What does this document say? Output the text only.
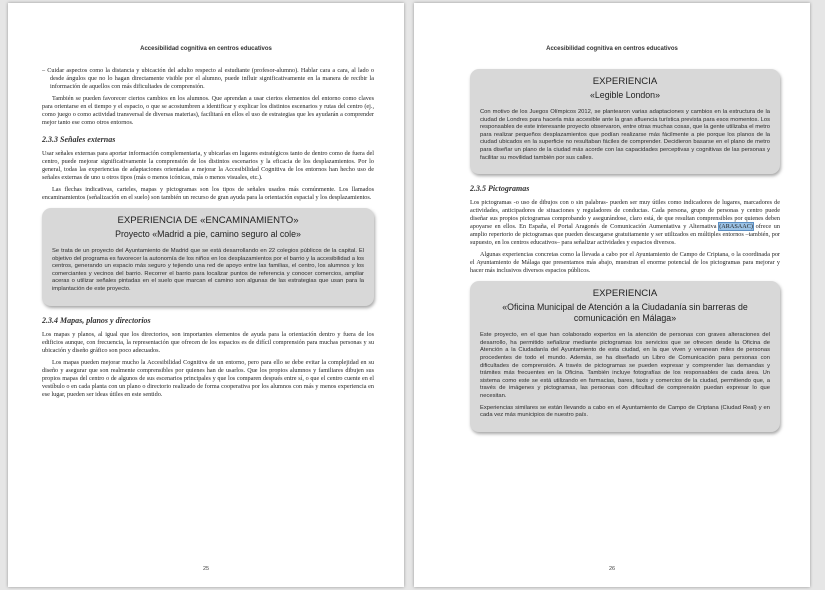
Accesibilidad cognitiva en centros educativos

– Cuidar aspectos como la distancia y ubicación del adulto respecto al estudiante (profesor-alumno). Hablar cara a cara, al lado o desde ángulos que no lo hagan directamente visible por el alumno, puede influir significativamente en la manera de recibir la información de aquellos con más dificultades de comprensión.

También se pueden favorecer ciertos cambios en los alumnos. Que aprendan a usar ciertos elementos del entorno como claves para orientarse en el tiempo y el espacio, o que se acostumbren a identificar y explicar los distintos escenarios y rutas del centro (ej., como juego o como actividad transversal de diversas materias), facilitará en ellos el uso de estrategias que les ayudarán a comprender mejor tanto ese como otros entornos.

2.3.3 Señales externas

Usar señales externas para aportar información complementaria, y ubicarlas en lugares estratégicos tanto de dentro como de fuera del centro, puede mejorar significativamente la comprensión de los distintos escenarios y la eficacia de los desplazamientos. Por lo general, todas las experiencias de adaptaciones orientadas a mejorar la Accesibilidad Cognitiva de los entornos han hecho uso de señales externas de uno u otros tipos (más o menos icónicas, más o menos visuales, etc.).

Las flechas indicativas, carteles, mapas y pictogramas son los tipos de señales usados más comúnmente. Los llamados encaminamientos (señalización en el suelo) son también un recurso de gran ayuda para la orientación espacial y los desplazamientos.

EXPERIENCIA DE «ENCAMINAMIENTO»
Proyecto «Madrid a pie, camino seguro al cole»

Se trata de un proyecto del Ayuntamiento de Madrid que se está desarrollando en 22 colegios públicos de la capital. El objetivo del programa es favorecer la autonomía de los niños en los desplazamientos por el barrio y la accesibilidad a los centros, generando un espacio más seguro y tejiendo una red de apoyo entre las familias, el centro, los alumnos y los comerciantes y vecinos del barrio. Recorrer el barrio para localizar puntos de referencia y conocer comercios, ampliar aceras o utilizar señales pintadas en el suelo que marcan el camino son algunas de las estrategias que usan para la implantación de este proyecto.

2.3.4 Mapas, planos y directorios

Los mapas y planos, al igual que los directorios, son importantes elementos de ayuda para la orientación dentro y fuera de los edificios aunque, con frecuencia, la representación que ofrecen de los espacios es de difícil comprensión para muchas personas y su ubicación y diseño gráfico son poco adecuados.

Los mapas pueden mejorar mucho la Accesibilidad Cognitiva de un entorno, pero para ello se debe evitar la complejidad en su diseño y asegurar que son realmente comprensibles por quienes han de usarlos. Que los propios alumnos y familiares dibujen sus propios mapas del centro o de algunos de sus escenarios principales y que los comparen después entre sí, o que el centro cuente en el vestíbulo o en cada planta con un plano o directorio realizado de forma cooperativa por los alumnos con más y menos experiencia en ese lugar, pueden ser ideas útiles en este sentido.

25
Accesibilidad cognitiva en centros educativos
EXPERIENCIA
«Legible London»

Con motivo de los Juegos Olímpicos 2012, se plantearon varias adaptaciones y cambios en la estructura de la ciudad de Londres para hacerla más accesible ante la gran afluencia turística prevista para esos momentos. Los responsables de este interesante proyecto observaron, entre otras muchas cosas, que la gente utilizaba el metro para realizar pequeños desplazamientos que podían realizarse más fácilmente a pie porque los planos de la ciudad ubicados en la superficie no resultaban fáciles de comprender. Decidieron basarse en el plano de metro para diseñar un plano de la ciudad más acorde con las capacidades perceptivas y cognitivas de las personas y facilitar su movilidad también por sus calles.

2.3.5 Pictogramas

Los pictogramas -o uso de dibujos con o sin palabras- pueden ser muy útiles como indicadores de lugares, marcadores de actividades, anticipadores de situaciones y reguladores de conductas. Cada persona, grupo de personas y centro puede diseñar sus propios pictogramas comprobando y asegurándose, claro está, de que resultan comprensibles por quienes deben apoyarse en ellos. En España, el Portal Aragonés de Comunicación Aumentativa y Alternativa (ARASAAC) ofrece un amplio repertorio de pictogramas que pueden descargarse gratuitamente y ser utilizados en múltiples entornos –también, por supuesto, en los centros educativos– para señalizar actividades y espacios diversos.

Algunas experiencias concretas como la llevada a cabo por el Ayuntamiento de Campo de Criptana, o la coordinada por el Ayuntamiento de Málaga que presentamos más abajo, muestran el enorme potencial de los pictogramas para mejorar y hacer más inclusivos diversos espacios públicos.

EXPERIENCIA
«Oficina Municipal de Atención a la Ciudadanía sin barreras de comunicación en Málaga»

Este proyecto, en el que han colaborado expertos en la atención de personas con graves alteraciones del desarrollo, ha permitido señalizar mediante pictogramas los servicios que se ofrecen desde la Oficina de Atención a la Ciudadanía del Ayuntamiento de esta ciudad, en la que viven y veranean miles de personas procedentes de todo el mundo. Además, se ha diseñado un Libro de Comunicación para personas con dificultades de comprensión. A través de pictogramas se pueden expresar y comprender las demandas y trámites más frecuentes en la Oficina. También incluye fotografías de los responsables de cada área. Un sistema como este se está utilizando en farmacias, bares, taxis y comercios de la ciudad, permitiendo que, a través de imágenes y pictogramas, las personas con dificultad de comprensión puedan expresar lo que necesitan.

Experiencias similares se están llevando a cabo en el Ayuntamiento de Campo de Criptana (Ciudad Real) y en cada vez más municipios de nuestro país.

26
